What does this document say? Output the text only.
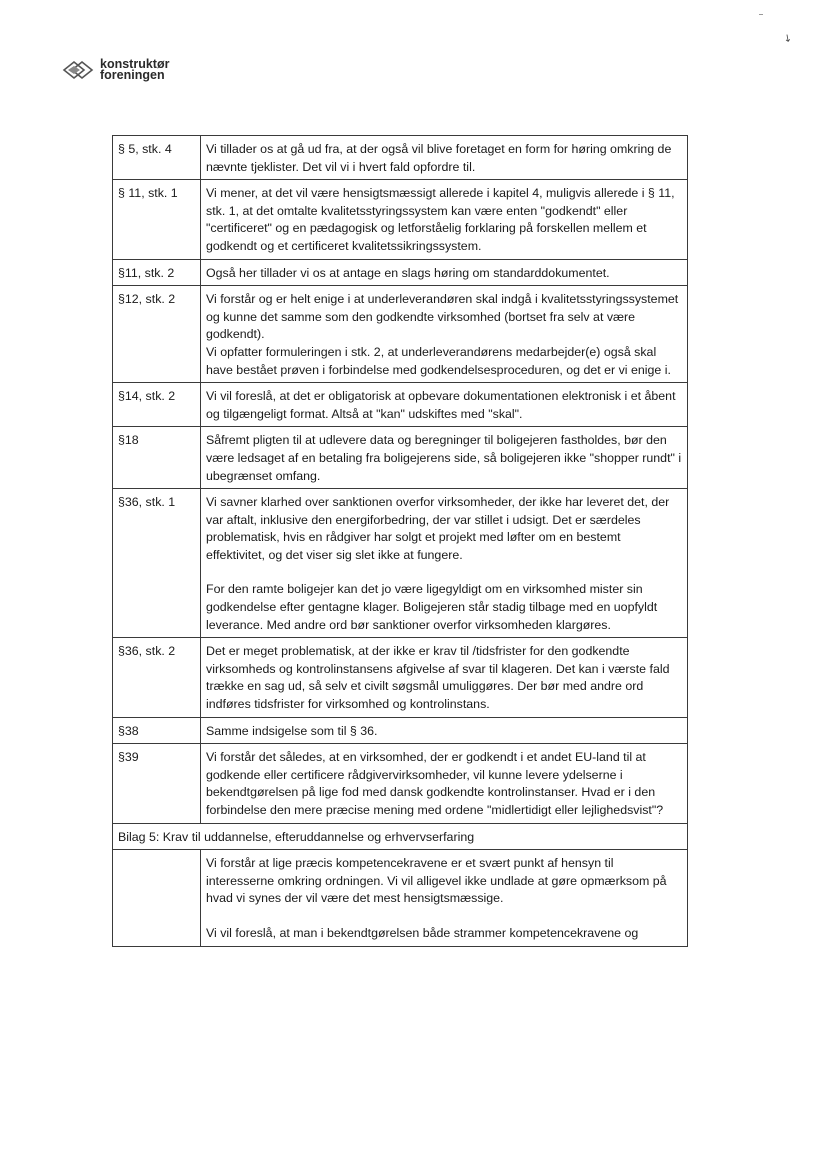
↘
konstruktør
foreningen
§ 5, stk. 4	Vi tillader os at gå ud fra, at der også vil blive foretaget en form for høring omkring de nævnte tjeklister. Det vil vi i hvert fald opfordre til.

§ 11, stk. 1	Vi mener, at det vil være hensigtsmæssigt allerede i kapitel 4, muligvis allerede i § 11, stk. 1, at det omtalte kvalitetsstyringssystem kan være enten "godkendt" eller "certificeret" og en pædagogisk og letforståelig forklaring på forskellen mellem et godkendt og et certificeret kvalitetssikringssystem.

§11, stk. 2	Også her tillader vi os at antage en slags høring om standarddokumentet.

§12, stk. 2	Vi forstår og er helt enige i at underleverandøren skal indgå i kvalitetsstyringssystemet og kunne det samme som den godkendte virksomhed (bortset fra selv at være godkendt).
Vi opfatter formuleringen i stk. 2, at underleverandørens medarbejder(e) også skal have bestået prøven i forbindelse med godkendelsesproceduren, og det er vi enige i.

§14, stk. 2	Vi vil foreslå, at det er obligatorisk at opbevare dokumentationen elektronisk i et åbent og tilgængeligt format. Altså at "kan" udskiftes med "skal".

§18	Såfremt pligten til at udlevere data og beregninger til boligejeren fastholdes, bør den være ledsaget af en betaling fra boligejerens side, så boligejeren ikke "shopper rundt" i ubegrænset omfang.

§36, stk. 1	Vi savner klarhed over sanktionen overfor virksomheder, der ikke har leveret det, der var aftalt, inklusive den energiforbedring, der var stillet i udsigt. Det er særdeles problematisk, hvis en rådgiver har solgt et projekt med løfter om en bestemt effektivitet, og det viser sig slet ikke at fungere.
For den ramte boligejer kan det jo være ligegyldigt om en virksomhed mister sin godkendelse efter gentagne klager. Boligejeren står stadig tilbage med en uopfyldt leverance. Med andre ord bør sanktioner overfor virksomheden klargøres.

§36, stk. 2	Det er meget problematisk, at der ikke er krav til /tidsfrister for den godkendte virksomheds og kontrolinstansens afgivelse af svar til klageren. Det kan i værste fald trække en sag ud, så selv et civilt søgsmål umuliggøres. Der bør med andre ord indføres tidsfrister for virksomhed og kontrolinstans.

§38	Samme indsigelse som til § 36.

§39	Vi forstår det således, at en virksomhed, der er godkendt i et andet EU-land til at godkende eller certificere rådgivervirksomheder, vil kunne levere ydelserne i bekendtgørelsen på lige fod med dansk godkendte kontrolinstanser. Hvad er i den forbindelse den mere præcise mening med ordene "midlertidigt eller lejlighedsvist"?

Bilag 5: Krav til uddannelse, efteruddannelse og erhvervserfaring	

	Vi forstår at lige præcis kompetencekravene er et svært punkt af hensyn til interesserne omkring ordningen. Vi vil alligevel ikke undlade at gøre opmærksom på hvad vi synes der vil være det mest hensigtsmæssige.
Vi vil foreslå, at man i bekendtgørelsen både strammer kompetencekravene og
